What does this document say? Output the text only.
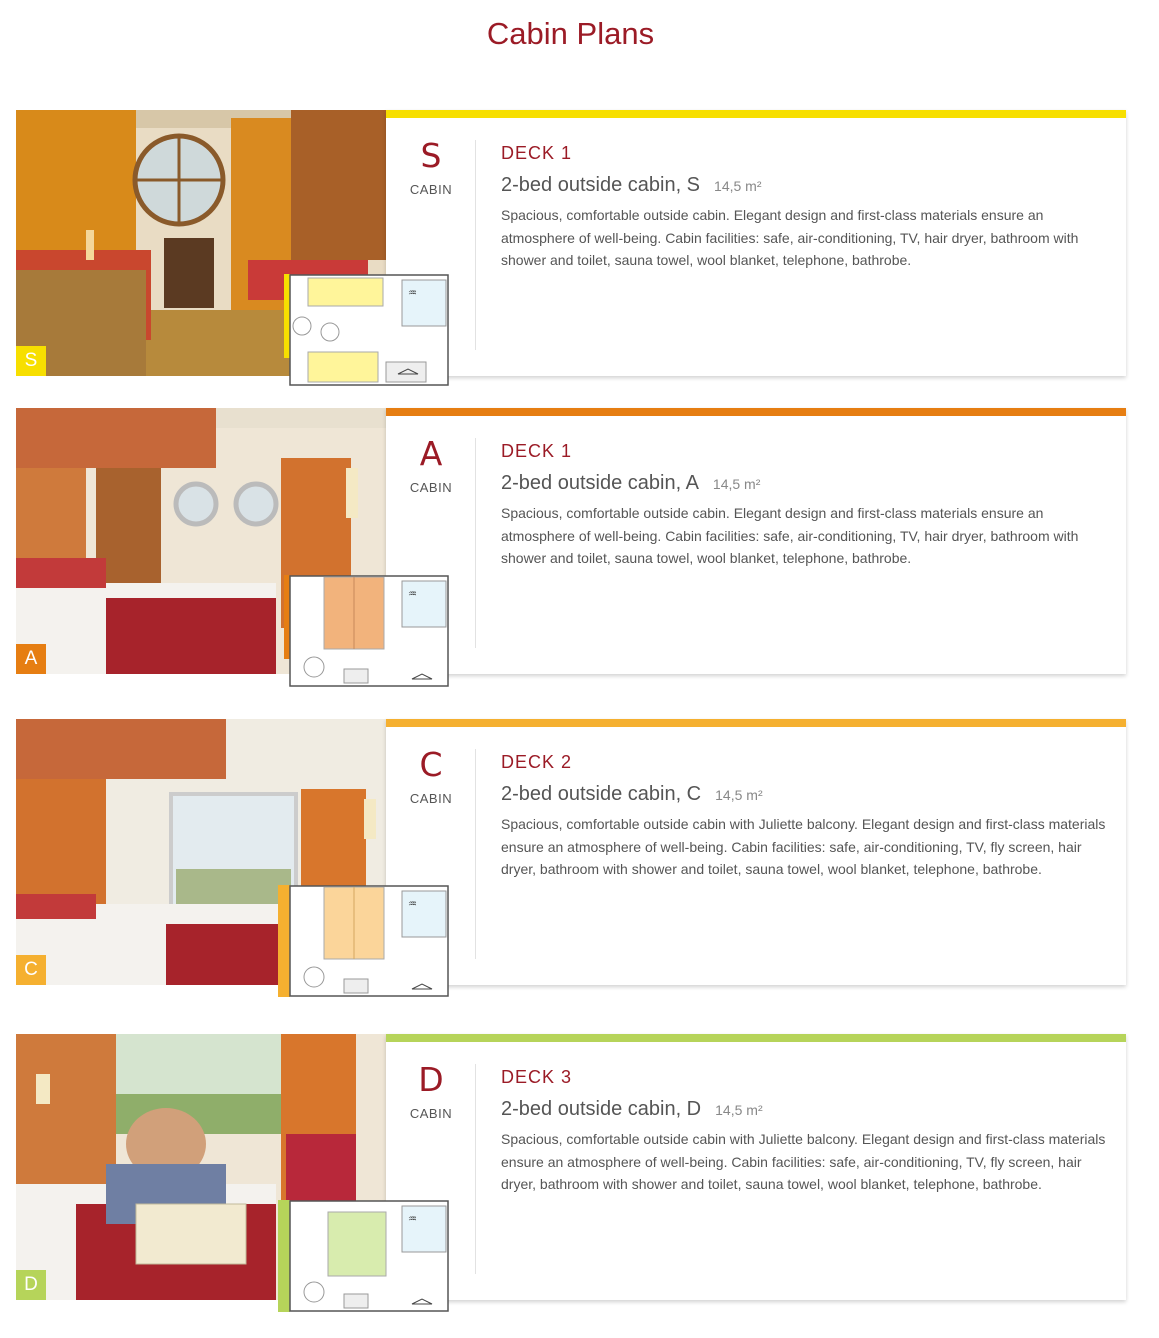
Cabin Plans
S
S
CABIN
DECK 1
2-bed outside cabin, S 14,5 m²

Spacious, comfortable outside cabin. Elegant design and first-class materials ensure an atmosphere of well-being. Cabin facilities: safe, air-conditioning, TV, hair dryer, bathroom with shower and toilet, sauna towel, wool blanket, telephone, bathrobe.

♒
A
A
CABIN
DECK 1
2-bed outside cabin, A 14,5 m²

Spacious, comfortable outside cabin. Elegant design and first-class materials ensure an atmosphere of well-being. Cabin facilities: safe, air-conditioning, TV, hair dryer, bathroom with shower and toilet, sauna towel, wool blanket, telephone, bathrobe.

♒
C
C
CABIN
DECK 2
2-bed outside cabin, C 14,5 m²

Spacious, comfortable outside cabin with Juliette balcony. Elegant design and first-class materials ensure an atmosphere of well-being. Cabin facilities: safe, air-conditioning, TV, fly screen, hair dryer, bathroom with shower and toilet, sauna towel, wool blanket, telephone, bathrobe.

♒
D
D
CABIN
DECK 3
2-bed outside cabin, D 14,5 m²

Spacious, comfortable outside cabin with Juliette balcony. Elegant design and first-class materials ensure an atmosphere of well-being. Cabin facilities: safe, air-conditioning, TV, fly screen, hair dryer, bathroom with shower and toilet, sauna towel, wool blanket, telephone, bathrobe.

♒
